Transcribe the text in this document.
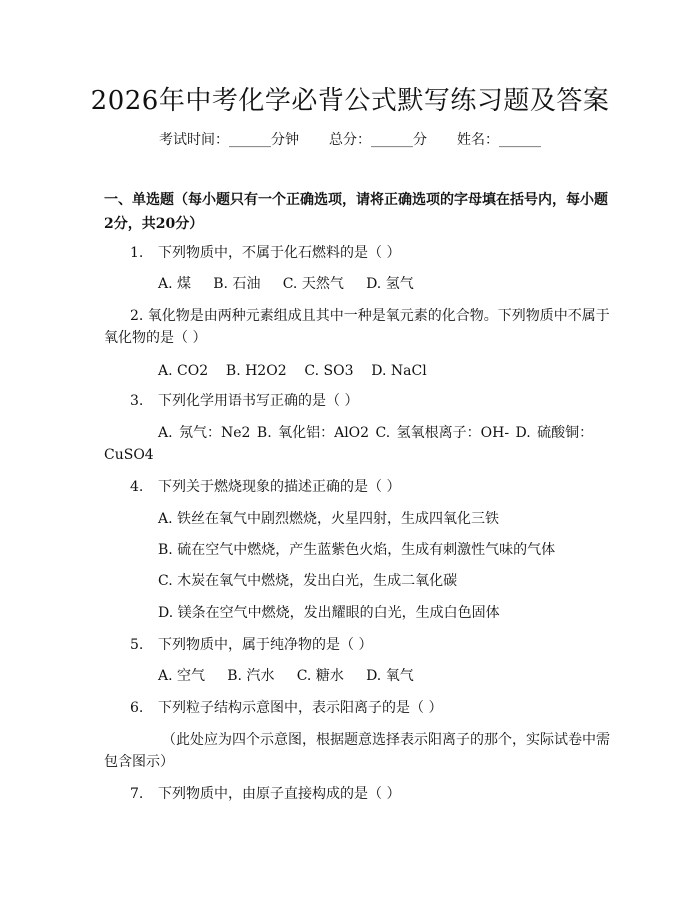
2026年中考化学必背公式默写练习题及答案
考试时间：______分钟 总分：______分 姓名：______
一、单选题（每小题只有一个正确选项，请将正确选项的字母填在括号内，每小题2分，共20分）
1. 下列物质中，不属于化石燃料的是（ ）
A. 煤     B. 石油     C. 天然气     D. 氢气
2. 氧化物是由两种元素组成且其中一种是氧元素的化合物。下列物质中不属于氧化物的是（ ）
A. CO2    B. H2O2    C. SO3    D. NaCl
3. 下列化学用语书写正确的是（ ）
A. 氖气：Ne2 B. 氧化铝：AlO2 C. 氢氧根离子：OH- D. 硫酸铜：CuSO4
4. 下列关于燃烧现象的描述正确的是（ ）
A. 铁丝在氧气中剧烈燃烧，火星四射，生成四氧化三铁
B. 硫在空气中燃烧，产生蓝紫色火焰，生成有刺激性气味的气体
C. 木炭在氧气中燃烧，发出白光，生成二氧化碳
D. 镁条在空气中燃烧，发出耀眼的白光，生成白色固体
5. 下列物质中，属于纯净物的是（ ）
A. 空气     B. 汽水     C. 糖水     D. 氧气
6. 下列粒子结构示意图中，表示阳离子的是（ ）
（此处应为四个示意图，根据题意选择表示阳离子的那个，实际试卷中需包含图示）
7. 下列物质中，由原子直接构成的是（ ）
